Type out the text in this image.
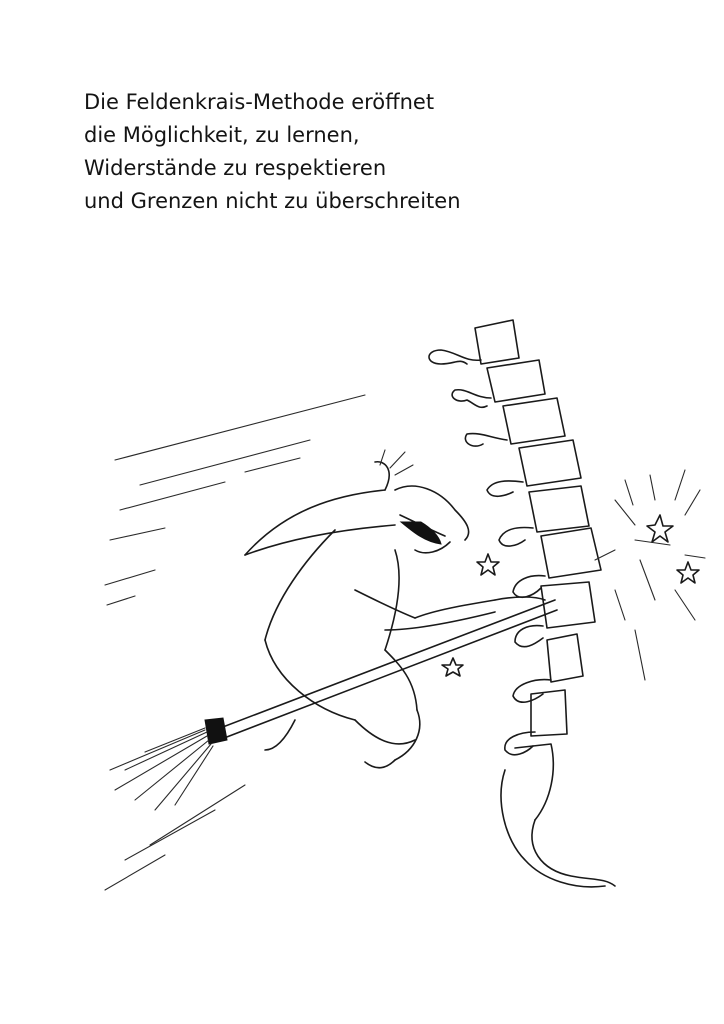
Die Feldenkrais-Methode eröffnet
die Möglichkeit, zu lernen,
Widerstände zu respektieren
und Grenzen nicht zu überschreiten
